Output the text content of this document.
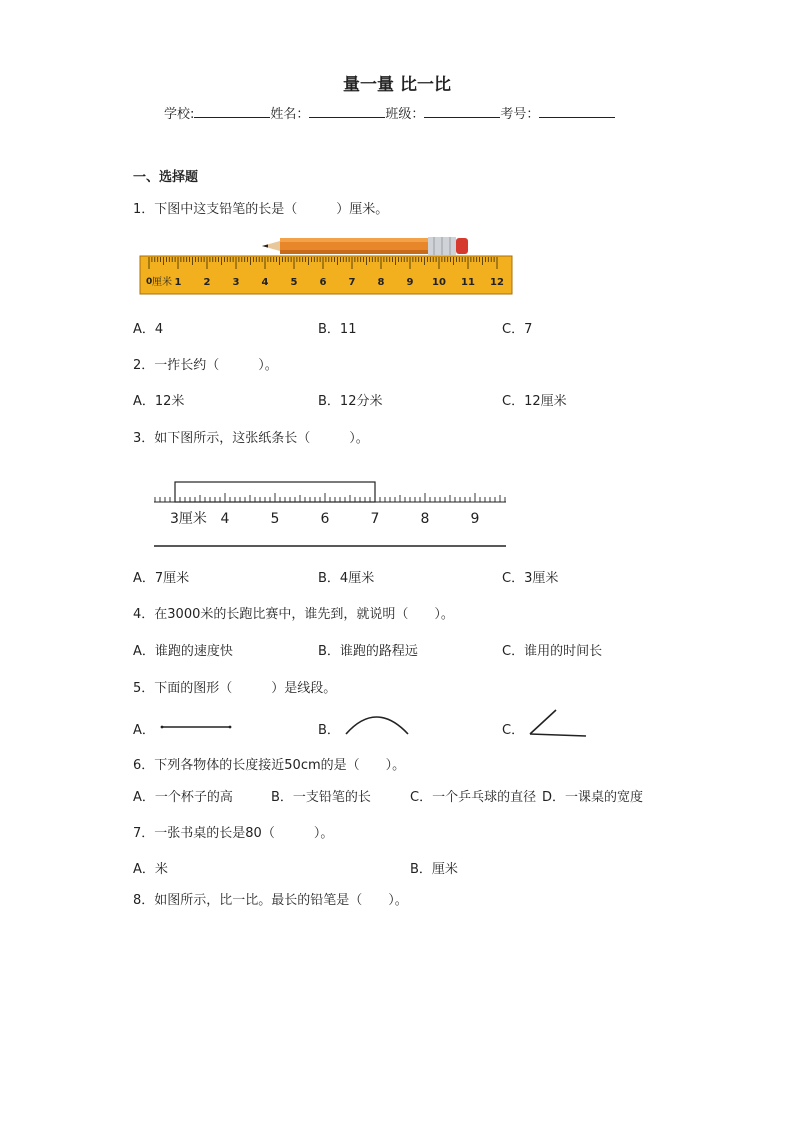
量一量 比一比
学校:	姓名：	班级：	考号：
一、选择题
1．下图中这支铅笔的长是（　　　）厘米。
0 厘米 1 2 3 4 5 6 7 8 9 10 11 12
A．4	B．11	C．7
2．一拃长约（　　　）。
A．12米	B．12分米	C．12厘米
3．如下图所示，这张纸条长（　　　）。
3厘米 4	5	6	7	8	9
A．7厘米	B．4厘米	C．3厘米
4．在3000米的长跑比赛中，谁先到，就说明（　　）。
A．谁跑的速度快	B．谁跑的路程远	C．谁用的时间长
5．下面的图形（　　　）是线段。
A．	B．	C．
6．下列各物体的长度接近50cm的是（　　）。
A．一个杯子的高	B．一支铅笔的长	C．一个乒乓球的直径 D．一课桌的宽度
7．一张书桌的长是80（　　　）。
A．米	B．厘米
8．如图所示，比一比。最长的铅笔是（　　）。
